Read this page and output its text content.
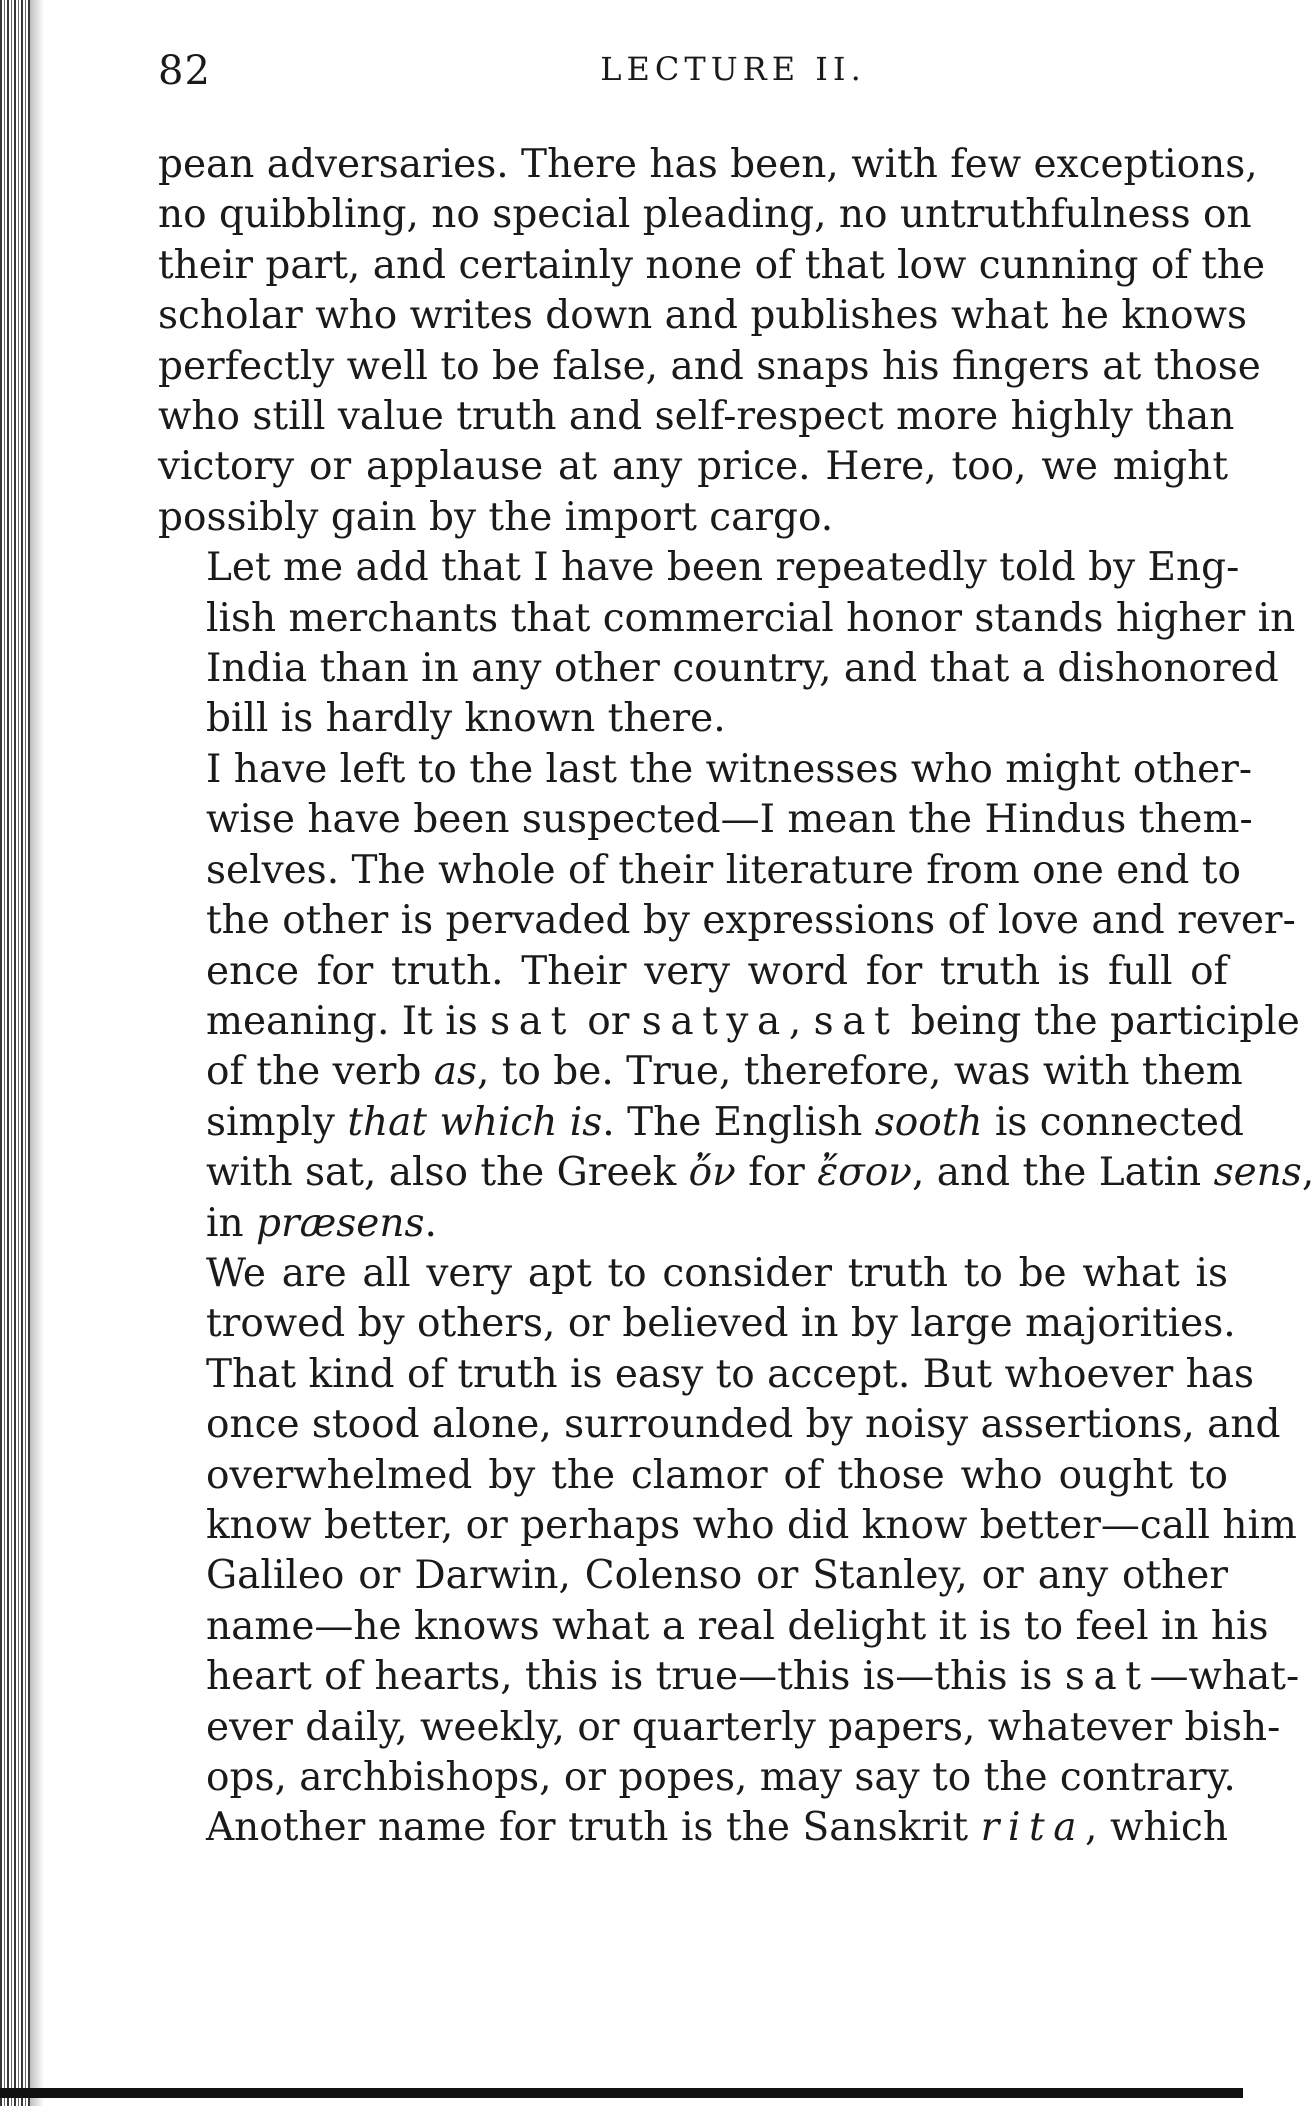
82	LECTURE II.

pean adversaries. There has been, with few exceptions,
no quibbling, no special pleading, no untruthfulness on
their part, and certainly none of that low cunning of the
scholar who writes down and publishes what he knows
perfectly well to be false, and snaps his fingers at those
who still value truth and self-respect more highly than
victory or applause at any price. Here, too, we might
possibly gain by the import cargo.

Let me add that I have been repeatedly told by Eng-
lish merchants that commercial honor stands higher in
India than in any other country, and that a dishonored
bill is hardly known there.

I have left to the last the witnesses who might other-
wise have been suspected—I mean the Hindus them-
selves. The whole of their literature from one end to
the other is pervaded by expressions of love and rever-
ence for truth. Their very word for truth is full of
meaning. It is sat or satya, sat being the participle
of the verb as, to be. True, therefore, was with them
simply that which is. The English sooth is connected
with sat, also the Greek ὄν for ἔσον, and the Latin sens,
in præsens.

We are all very apt to consider truth to be what is
trowed by others, or believed in by large majorities.
That kind of truth is easy to accept. But whoever has
once stood alone, surrounded by noisy assertions, and
overwhelmed by the clamor of those who ought to
know better, or perhaps who did know better—call him
Galileo or Darwin, Colenso or Stanley, or any other
name—he knows what a real delight it is to feel in his
heart of hearts, this is true—this is—this is sat—what-
ever daily, weekly, or quarterly papers, whatever bish-
ops, archbishops, or popes, may say to the contrary.

Another name for truth is the Sanskrit rita, which
